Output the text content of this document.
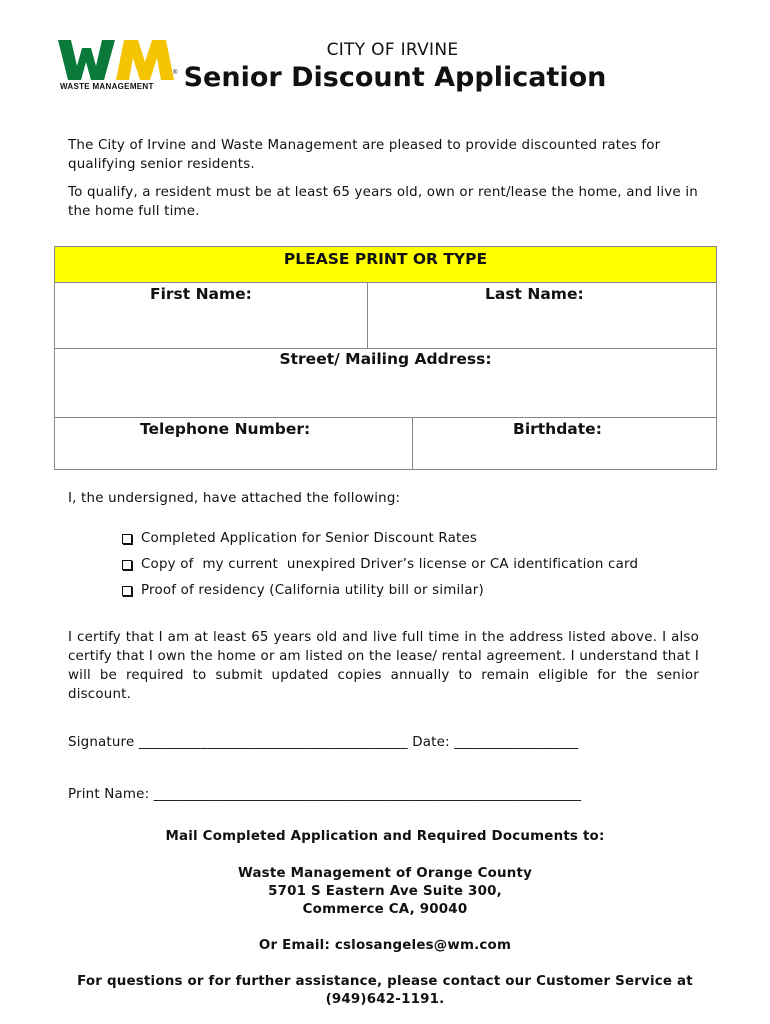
®
WASTE MANAGEMENT
CITY OF IRVINE
Senior Discount Application
The City of Irvine and Waste Management are pleased to provide discounted rates for qualifying senior residents.
To qualify, a resident must be at least 65 years old, own or rent/lease the home, and live in the home full time.
PLEASE PRINT OR TYPE
First Name:	Last Name:
Street/ Mailing Address:
Telephone Number:	Birthdate:
I, the undersigned, have attached the following:
Completed Application for Senior Discount Rates
Copy of  my current  unexpired Driver’s license or CA identification card
Proof of residency (California utility bill or similar)
I certify that I am at least 65 years old and live full time in the address listed above. I also certify that I own the home or am listed on the lease/ rental agreement. I understand that I will be required to submit updated copies annually to remain eligible for the senior discount.
Signature _______________________________________ Date: __________________
Print Name: ______________________________________________________________
Mail Completed Application and Required Documents to:
Waste Management of Orange County
5701 S Eastern Ave Suite 300,
Commerce CA, 90040
Or Email: cslosangeles@wm.com
For questions or for further assistance, please contact our Customer Service at
(949)642-1191.
